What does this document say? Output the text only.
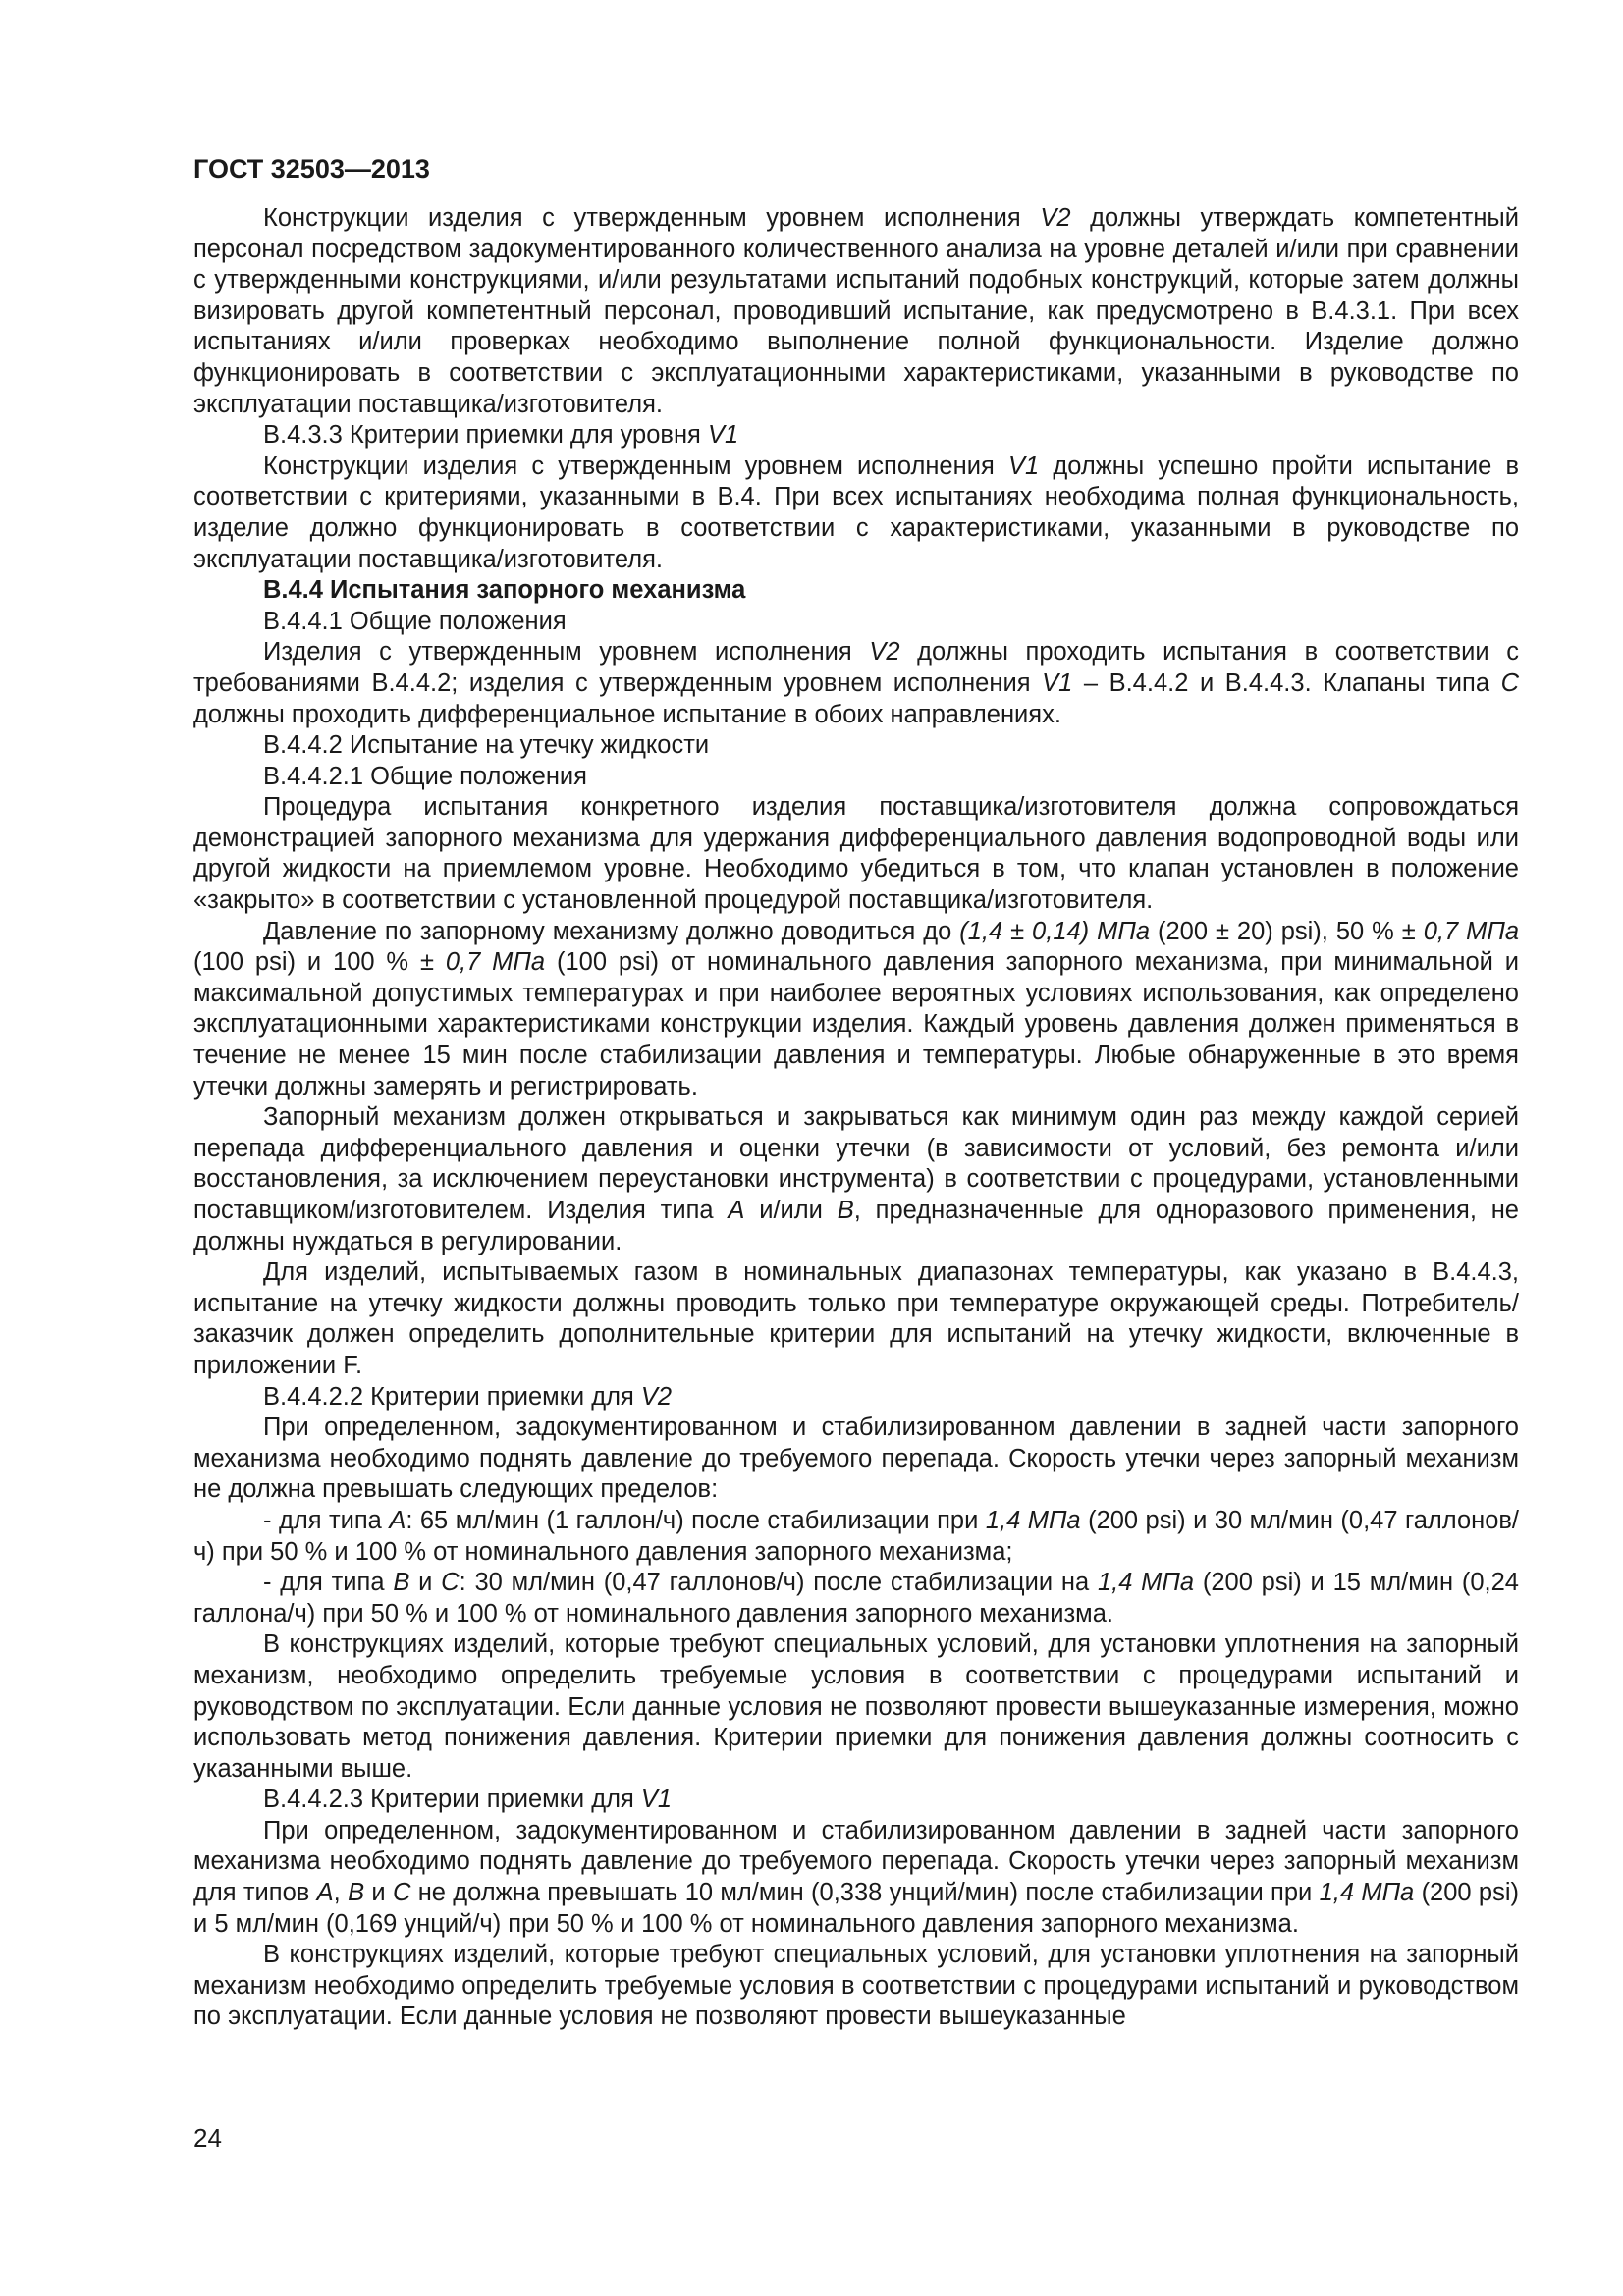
ГОСТ 32503—2013

Конструкции изделия с утвержденным уровнем исполнения V2 должны утверждать компетентный персонал посредством задокументированного количественного анализа на уровне деталей и/или при сравнении с утвержденными конструкциями, и/или результатами испытаний подобных конструкций, которые затем должны визировать другой компетентный персонал, проводивший испытание, как предусмотрено в В.4.3.1. При всех испытаниях и/или проверках необходимо выполнение полной функциональности. Изделие должно функционировать в соответствии с эксплуатационными характеристиками, указанными в руководстве по эксплуатации поставщика/изготовителя.

В.4.3.3 Критерии приемки для уровня V1

Конструкции изделия с утвержденным уровнем исполнения V1 должны успешно пройти испытание в соответствии с критериями, указанными в В.4. При всех испытаниях необходима полная функциональность, изделие должно функционировать в соответствии с характеристиками, указанными в руководстве по эксплуатации поставщика/изготовителя.

В.4.4 Испытания запорного механизма

В.4.4.1 Общие положения

Изделия с утвержденным уровнем исполнения V2 должны проходить испытания в соответствии с требованиями В.4.4.2; изделия с утвержденным уровнем исполнения V1 – В.4.4.2 и В.4.4.3. Клапаны типа С должны проходить дифференциальное испытание в обоих направлениях.

В.4.4.2 Испытание на утечку жидкости

В.4.4.2.1 Общие положения

Процедура испытания конкретного изделия поставщика/изготовителя должна сопровождаться демонстрацией запорного механизма для удержания дифференциального давления водопроводной воды или другой жидкости на приемлемом уровне. Необходимо убедиться в том, что клапан установлен в положение «закрыто» в соответствии с установленной процедурой поставщика/изготовителя.

Давление по запорному механизму должно доводиться до (1,4 ± 0,14) МПа (200 ± 20) psi), 50 % ± 0,7 МПа (100 psi) и 100 % ± 0,7 МПа (100 psi) от номинального давления запорного механизма, при минимальной и максимальной допустимых температурах и при наиболее вероятных условиях использования, как определено эксплуатационными характеристиками конструкции изделия. Каждый уровень давления должен применяться в течение не менее 15 мин после стабилизации давления и температуры. Любые обнаруженные в это время утечки должны замерять и регистрировать.

Запорный механизм должен открываться и закрываться как минимум один раз между каждой серией перепада дифференциального давления и оценки утечки (в зависимости от условий, без ремонта и/или восстановления, за исключением переустановки инструмента) в соответствии с процедурами, установленными поставщиком/изготовителем. Изделия типа А и/или В, предназначенные для одноразового применения, не должны нуждаться в регулировании.

Для изделий, испытываемых газом в номинальных диапазонах температуры, как указано в В.4.4.3, испытание на утечку жидкости должны проводить только при температуре окружающей среды. Потребитель/заказчик должен определить дополнительные критерии для испытаний на утечку жидкости, включенные в приложении F.

В.4.4.2.2 Критерии приемки для V2

При определенном, задокументированном и стабилизированном давлении в задней части запорного механизма необходимо поднять давление до требуемого перепада. Скорость утечки через запорный механизм не должна превышать следующих пределов:

- для типа А: 65 мл/мин (1 галлон/ч) после стабилизации при 1,4 МПа (200 psi) и 30 мл/мин (0,47 галлонов/ч) при 50 % и 100 % от номинального давления запорного механизма;

- для типа В и С: 30 мл/мин (0,47 галлонов/ч) после стабилизации на 1,4 МПа (200 psi) и 15 мл/мин (0,24 галлона/ч) при 50 % и 100 % от номинального давления запорного механизма.

В конструкциях изделий, которые требуют специальных условий, для установки уплотнения на запорный механизм, необходимо определить требуемые условия в соответствии с процедурами испытаний и руководством по эксплуатации. Если данные условия не позволяют провести вышеуказанные измерения, можно использовать метод понижения давления. Критерии приемки для понижения давления должны соотносить с указанными выше.

В.4.4.2.3 Критерии приемки для V1

При определенном, задокументированном и стабилизированном давлении в задней части запорного механизма необходимо поднять давление до требуемого перепада. Скорость утечки через запорный механизм для типов А, В и С не должна превышать 10 мл/мин (0,338 унций/мин) после стабилизации при 1,4 МПа (200 psi) и 5 мл/мин (0,169 унций/ч) при 50 % и 100 % от номинального давления запорного механизма.

В конструкциях изделий, которые требуют специальных условий, для установки уплотнения на запорный механизм необходимо определить требуемые условия в соответствии с процедурами испытаний и руководством по эксплуатации. Если данные условия не позволяют провести вышеуказанные

24
